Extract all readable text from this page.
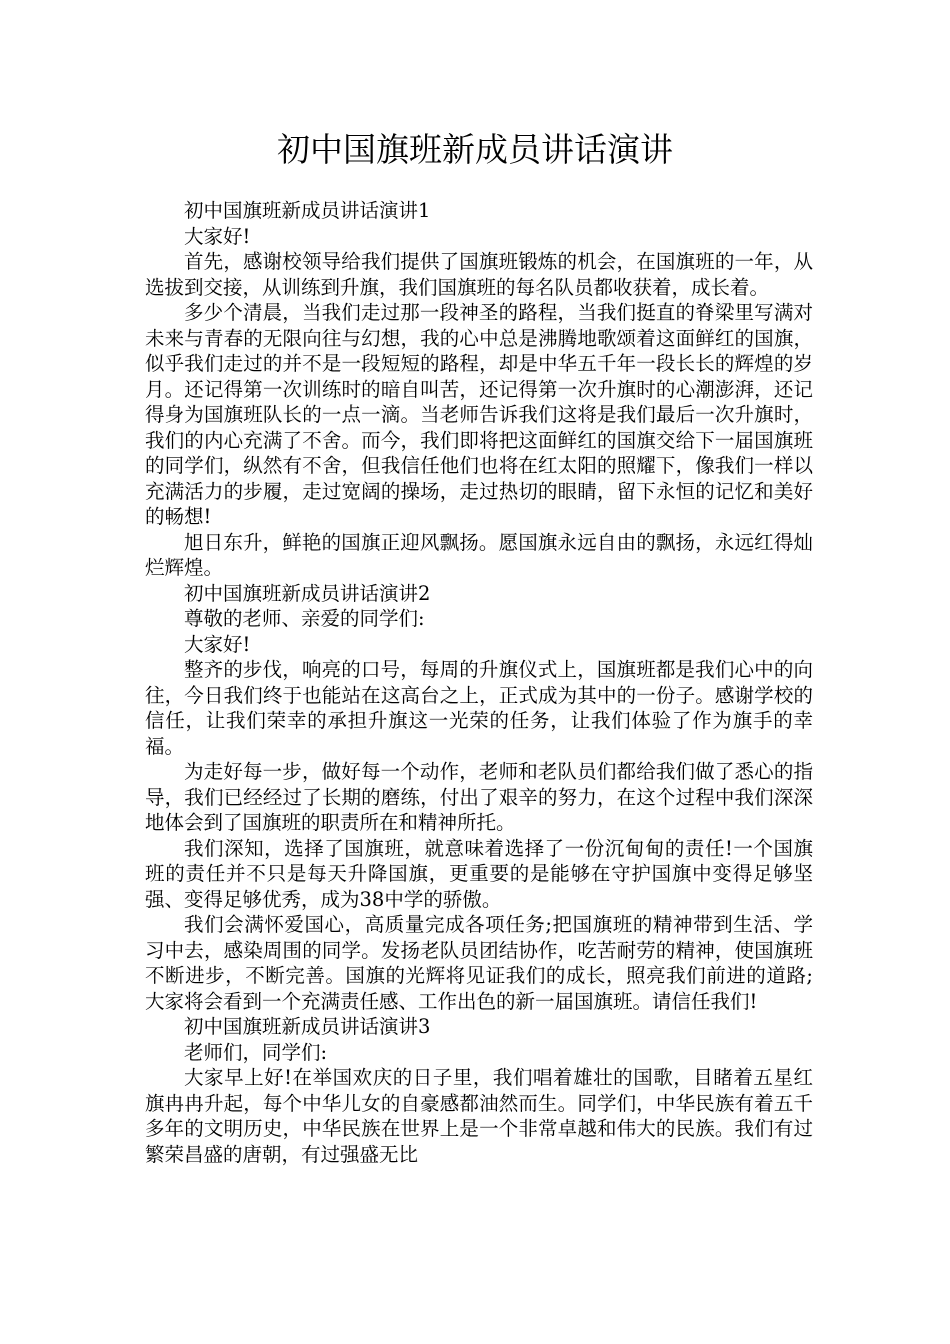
初中国旗班新成员讲话演讲

初中国旗班新成员讲话演讲1

大家好!

首先，感谢校领导给我们提供了国旗班锻炼的机会，在国旗班的一年，从选拔到交接，从训练到升旗，我们国旗班的每名队员都收获着，成长着。

多少个清晨，当我们走过那一段神圣的路程，当我们挺直的脊梁里写满对未来与青春的无限向往与幻想，我的心中总是沸腾地歌颂着这面鲜红的国旗，似乎我们走过的并不是一段短短的路程，却是中华五千年一段长长的辉煌的岁月。还记得第一次训练时的暗自叫苦，还记得第一次升旗时的心潮澎湃，还记得身为国旗班队长的一点一滴。当老师告诉我们这将是我们最后一次升旗时，我们的内心充满了不舍。而今，我们即将把这面鲜红的国旗交给下一届国旗班的同学们，纵然有不舍，但我信任他们也将在红太阳的照耀下，像我们一样以充满活力的步履，走过宽阔的操场，走过热切的眼睛，留下永恒的记忆和美好的畅想!

旭日东升，鲜艳的国旗正迎风飘扬。愿国旗永远自由的飘扬，永远红得灿烂辉煌。

初中国旗班新成员讲话演讲2

尊敬的老师、亲爱的同学们:

大家好!

整齐的步伐，响亮的口号，每周的升旗仪式上，国旗班都是我们心中的向往，今日我们终于也能站在这高台之上，正式成为其中的一份子。感谢学校的信任，让我们荣幸的承担升旗这一光荣的任务，让我们体验了作为旗手的幸福。

为走好每一步，做好每一个动作，老师和老队员们都给我们做了悉心的指导，我们已经经过了长期的磨练，付出了艰辛的努力，在这个过程中我们深深地体会到了国旗班的职责所在和精神所托。

我们深知，选择了国旗班，就意味着选择了一份沉甸甸的责任!一个国旗班的责任并不只是每天升降国旗，更重要的是能够在守护国旗中变得足够坚强、变得足够优秀，成为38中学的骄傲。

我们会满怀爱国心，高质量完成各项任务;把国旗班的精神带到生活、学习中去，感染周围的同学。发扬老队员团结协作，吃苦耐劳的精神，使国旗班不断进步，不断完善。国旗的光辉将见证我们的成长，照亮我们前进的道路;大家将会看到一个充满责任感、工作出色的新一届国旗班。请信任我们!

初中国旗班新成员讲话演讲3

老师们，同学们:

大家早上好!在举国欢庆的日子里，我们唱着雄壮的国歌，目睹着五星红旗冉冉升起，每个中华儿女的自豪感都油然而生。同学们，中华民族有着五千多年的文明历史，中华民族在世界上是一个非常卓越和伟大的民族。我们有过繁荣昌盛的唐朝，有过强盛无比
